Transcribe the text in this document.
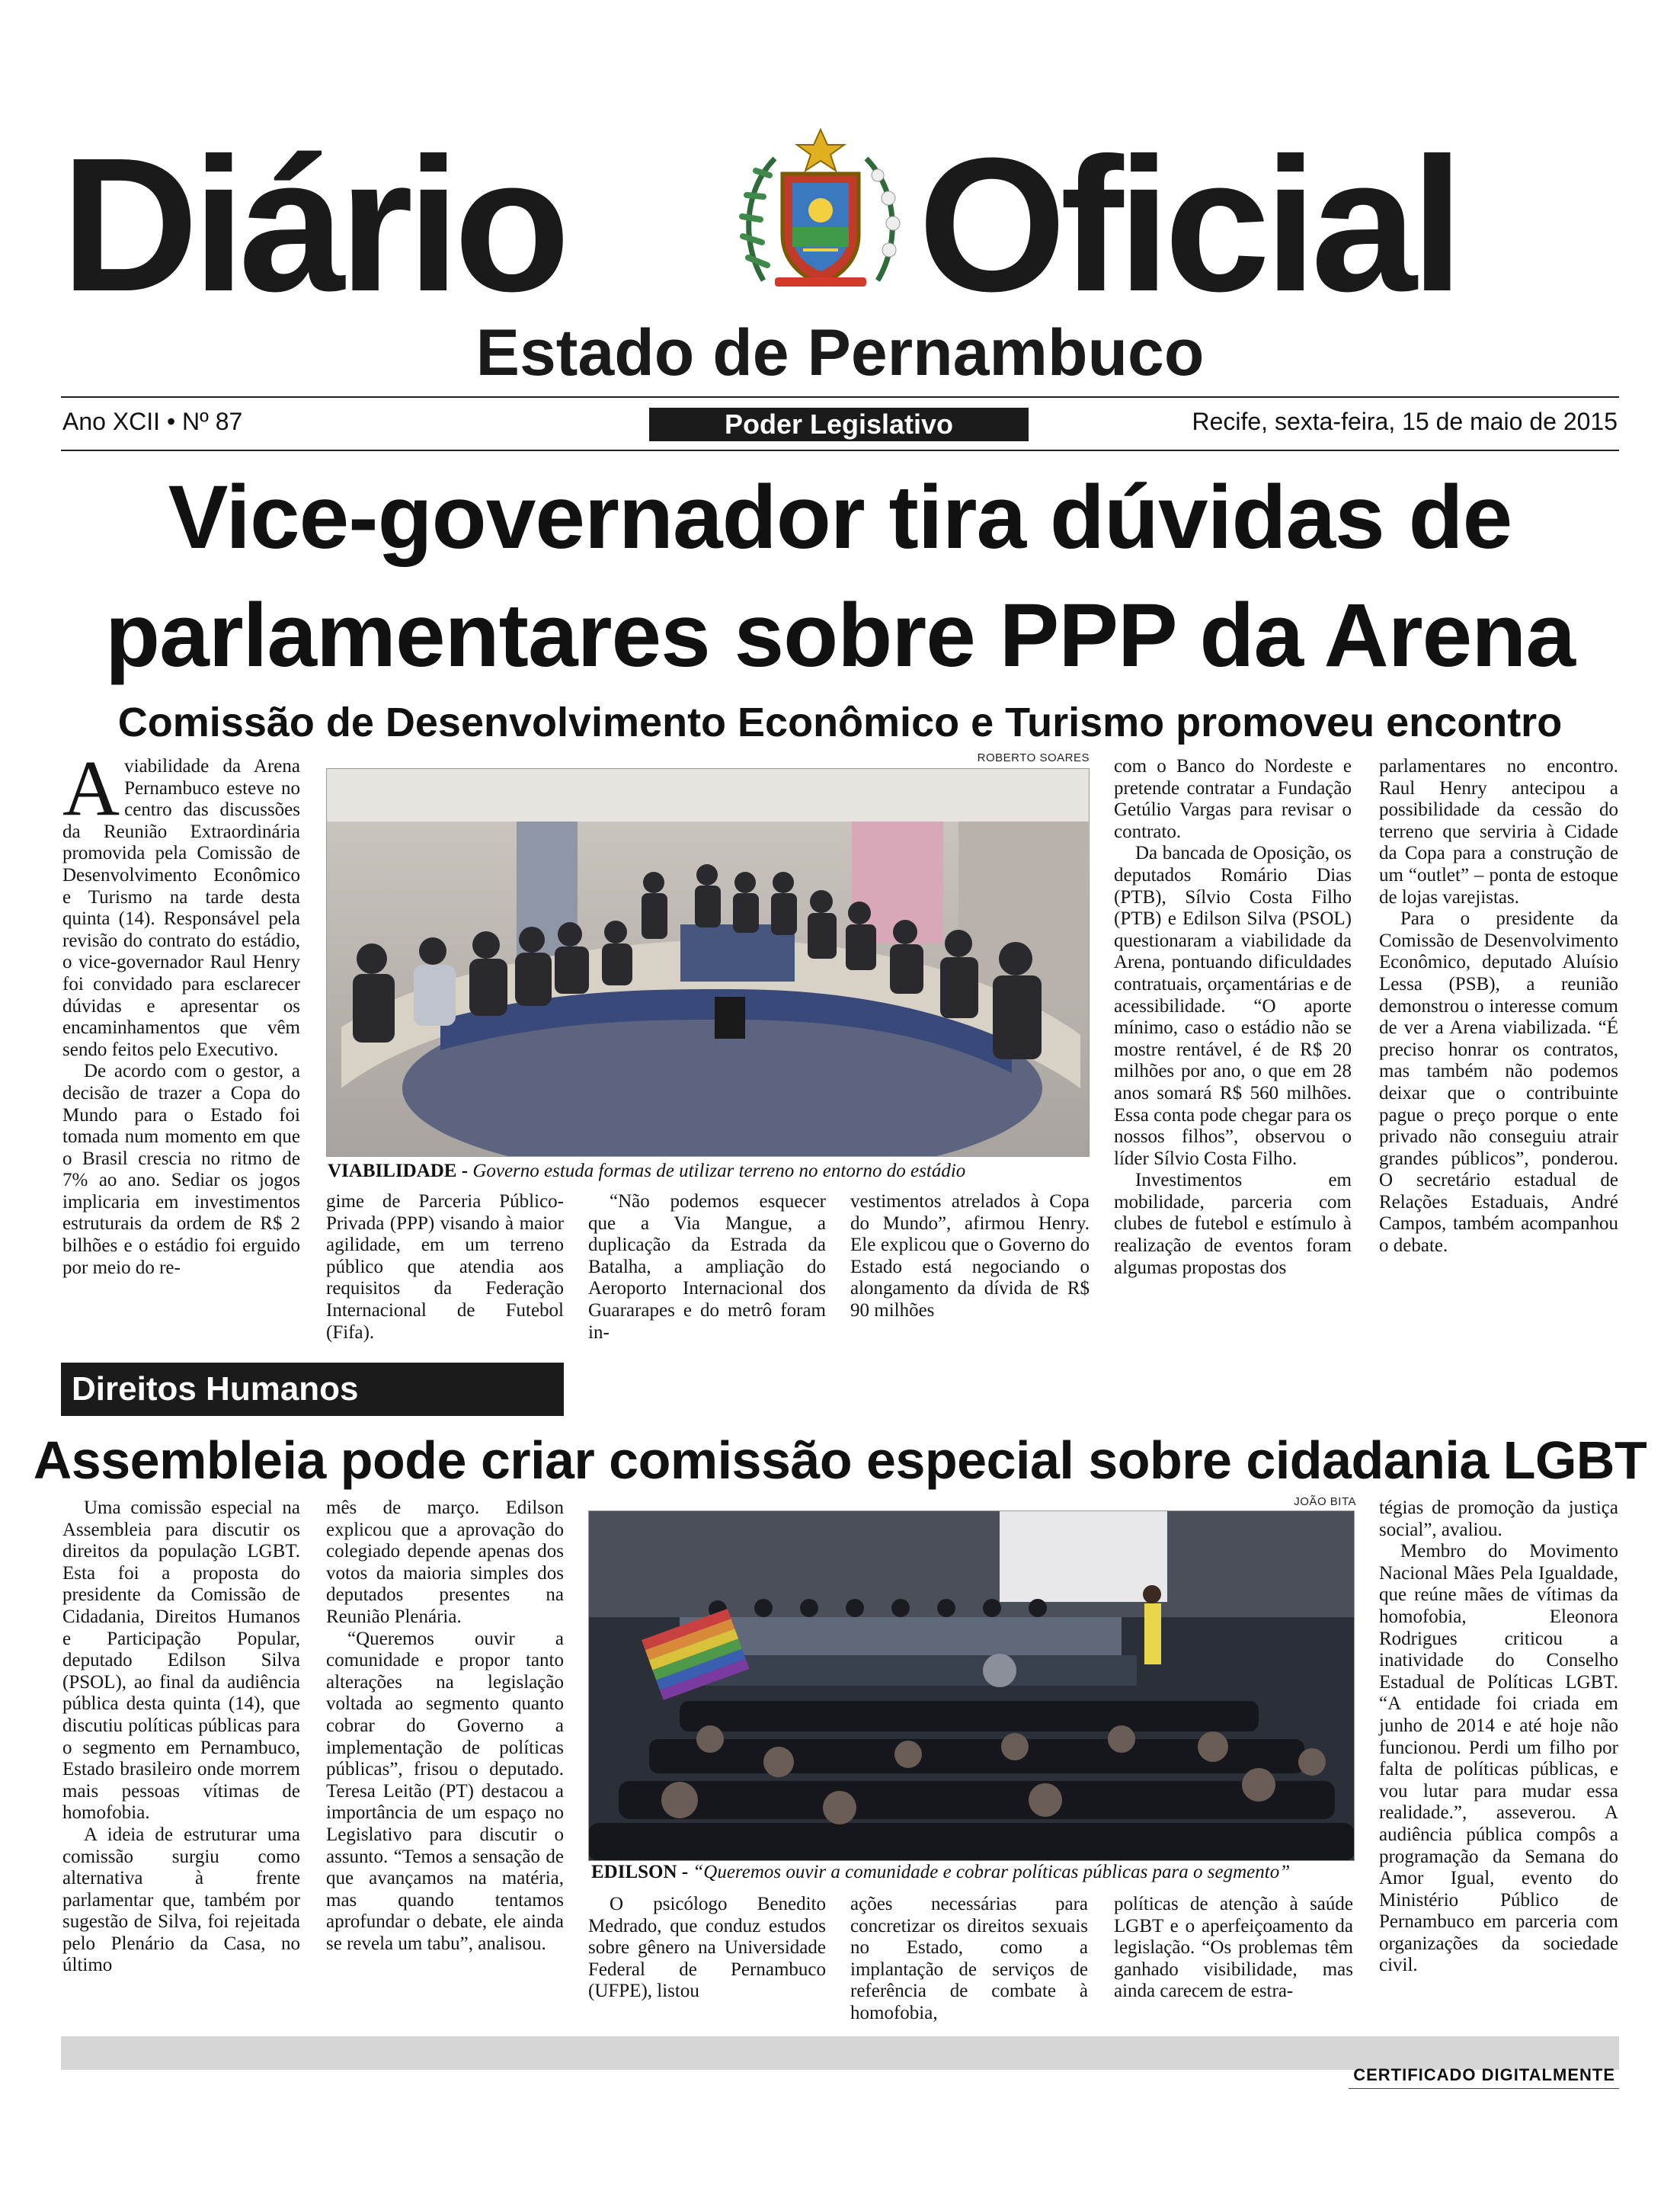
Diário	Oficial
Estado de Pernambuco
Ano XCII • Nº 87	Poder Legislativo	Recife, sexta-feira, 15 de maio de 2015
Vice-governador tira dúvidas de
parlamentares sobre PPP da Arena
Comissão de Desenvolvimento Econômico e Turismo promoveu encontro

Aviabilidade da Arena Pernambuco esteve no centro das discussões da Reunião Extraordinária promovida pela Comissão de Desenvolvimento Econômico e Turismo na tarde desta quinta (14). Responsável pela revisão do contrato do estádio, o vice-governador Raul Henry foi convidado para esclarecer dúvidas e apresentar os encaminhamentos que vêm sendo feitos pelo Executivo.

De acordo com o gestor, a decisão de trazer a Copa do Mundo para o Estado foi tomada num momento em que o Brasil crescia no ritmo de 7% ao ano. Sediar os jogos implicaria em investimentos estruturais da ordem de R$ 2 bilhões e o estádio foi erguido por meio do re-

ROBERTO SOARES
VIABILIDADE - Governo estuda formas de utilizar terreno no entorno do estádio

gime de Parceria Público-Privada (PPP) visando à maior agilidade, em um terreno público que atendia aos requisitos da Federação Internacional de Futebol (Fifa).

“Não podemos esquecer que a Via Mangue, a duplicação da Estrada da Batalha, a ampliação do Aeroporto Internacional dos Guararapes e do metrô foram in-

vestimentos atrelados à Copa do Mundo”, afirmou Henry. Ele explicou que o Governo do Estado está negociando o alongamento da dívida de R$ 90 milhões

com o Banco do Nordeste e pretende contratar a Fundação Getúlio Vargas para revisar o contrato.

Da bancada de Oposição, os deputados Romário Dias (PTB), Sílvio Costa Filho (PTB) e Edilson Silva (PSOL) questionaram a viabilidade da Arena, pontuando dificuldades contratuais, orçamentárias e de acessibilidade. “O aporte mínimo, caso o estádio não se mostre rentável, é de R$ 20 milhões por ano, o que em 28 anos somará R$ 560 milhões. Essa conta pode chegar para os nossos filhos”, observou o líder Sílvio Costa Filho.

Investimentos em mobilidade, parceria com clubes de futebol e estímulo à realização de eventos foram algumas propostas dos

parlamentares no encontro. Raul Henry antecipou a possibilidade da cessão do terreno que serviria à Cidade da Copa para a construção de um “outlet” – ponta de estoque de lojas varejistas.

Para o presidente da Comissão de Desenvolvimento Econômico, deputado Aluísio Lessa (PSB), a reunião demonstrou o interesse comum de ver a Arena viabilizada. “É preciso honrar os contratos, mas também não podemos deixar que o contribuinte pague o preço porque o ente privado não conseguiu atrair grandes públicos”, ponderou. O secretário estadual de Relações Estaduais, André Campos, também acompanhou o debate.

Direitos Humanos
Assembleia pode criar comissão especial sobre cidadania LGBT

Uma comissão especial na Assembleia para discutir os direitos da população LGBT. Esta foi a proposta do presidente da Comissão de Cidadania, Direitos Humanos e Participação Popular, deputado Edilson Silva (PSOL), ao final da audiência pública desta quinta (14), que discutiu políticas públicas para o segmento em Pernambuco, Estado brasileiro onde morrem mais pessoas vítimas de homofobia.

A ideia de estruturar uma comissão surgiu como alternativa à frente parlamentar que, também por sugestão de Silva, foi rejeitada pelo Plenário da Casa, no último

mês de março. Edilson explicou que a aprovação do colegiado depende apenas dos votos da maioria simples dos deputados presentes na Reunião Plenária.

“Queremos ouvir a comunidade e propor tanto alterações na legislação voltada ao segmento quanto cobrar do Governo a implementação de políticas públicas”, frisou o deputado. Teresa Leitão (PT) destacou a importância de um espaço no Legislativo para discutir o assunto. “Temos a sensação de que avançamos na matéria, mas quando tentamos aprofundar o debate, ele ainda se revela um tabu”, analisou.

JOÃO BITA
EDILSON - “Queremos ouvir a comunidade e cobrar políticas públicas para o segmento”

O psicólogo Benedito Medrado, que conduz estudos sobre gênero na Universidade Federal de Pernambuco (UFPE), listou

ações necessárias para concretizar os direitos sexuais no Estado, como a implantação de serviços de referência de combate à homofobia,

políticas de atenção à saúde LGBT e o aperfeiçoamento da legislação. “Os problemas têm ganhado visibilidade, mas ainda carecem de estra-

tégias de promoção da justiça social”, avaliou.

Membro do Movimento Nacional Mães Pela Igualdade, que reúne mães de vítimas da homofobia, Eleonora Rodrigues criticou a inatividade do Conselho Estadual de Políticas LGBT. “A entidade foi criada em junho de 2014 e até hoje não funcionou. Perdi um filho por falta de políticas públicas, e vou lutar para mudar essa realidade.”, asseverou. A audiência pública compôs a programação da Semana do Amor Igual, evento do Ministério Público de Pernambuco em parceria com organizações da sociedade civil.

CERTIFICADO DIGITALMENTE
